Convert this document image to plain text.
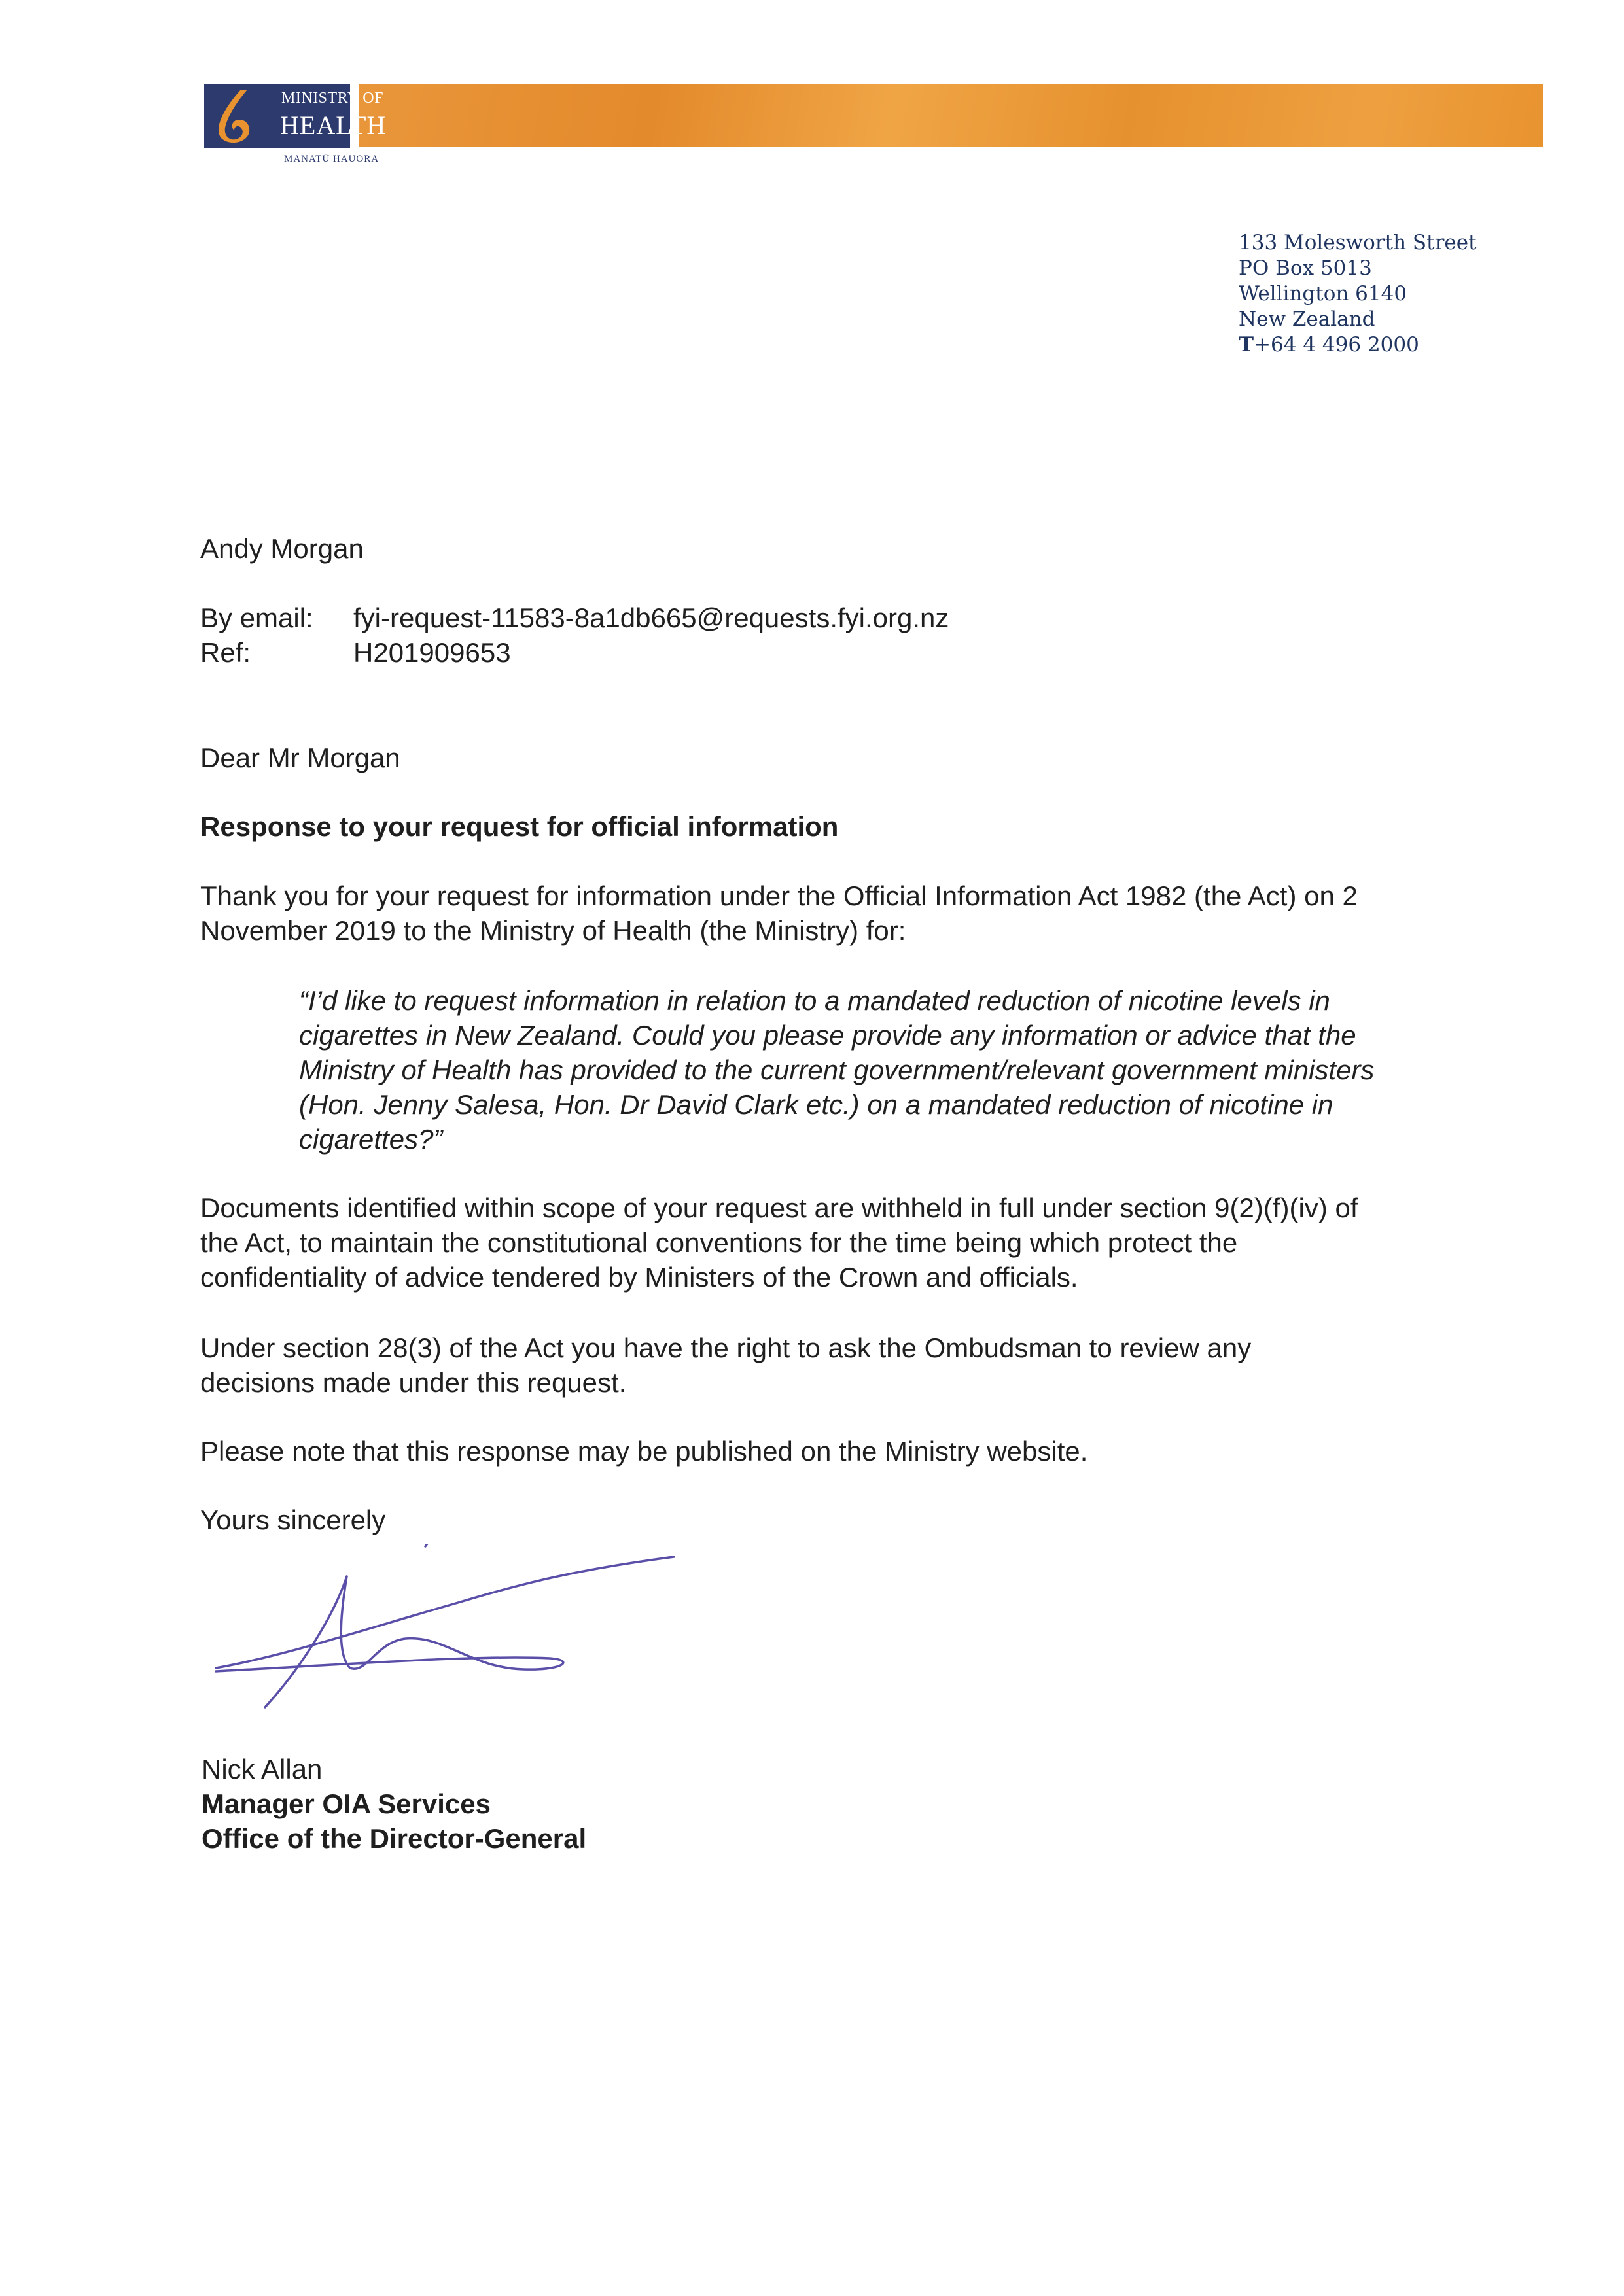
MINISTRY OF
HEALTH
MANATŪ HAUORA
133 Molesworth Street
PO Box 5013
Wellington 6140
New Zealand
T+64 4 496 2000
Andy Morgan
By email: fyi-request-11583-8a1db665@requests.fyi.org.nz
Ref:	H201909653
Dear Mr Morgan
Response to your request for official information
Thank you for your request for information under the Official Information Act 1982 (the Act) on 2
November 2019 to the Ministry of Health (the Ministry) for:
“I’d like to request information in relation to a mandated reduction of nicotine levels in
cigarettes in New Zealand. Could you please provide any information or advice that the
Ministry of Health has provided to the current government/relevant government ministers
(Hon. Jenny Salesa, Hon. Dr David Clark etc.) on a mandated reduction of nicotine in
cigarettes?”
Documents identified within scope of your request are withheld in full under section 9(2)(f)(iv) of
the Act, to maintain the constitutional conventions for the time being which protect the
confidentiality of advice tendered by Ministers of the Crown and officials.
Under section 28(3) of the Act you have the right to ask the Ombudsman to review any
decisions made under this request.
Please note that this response may be published on the Ministry website.
Yours sincerely
Nick Allan
Manager OIA Services
Office of the Director-General
